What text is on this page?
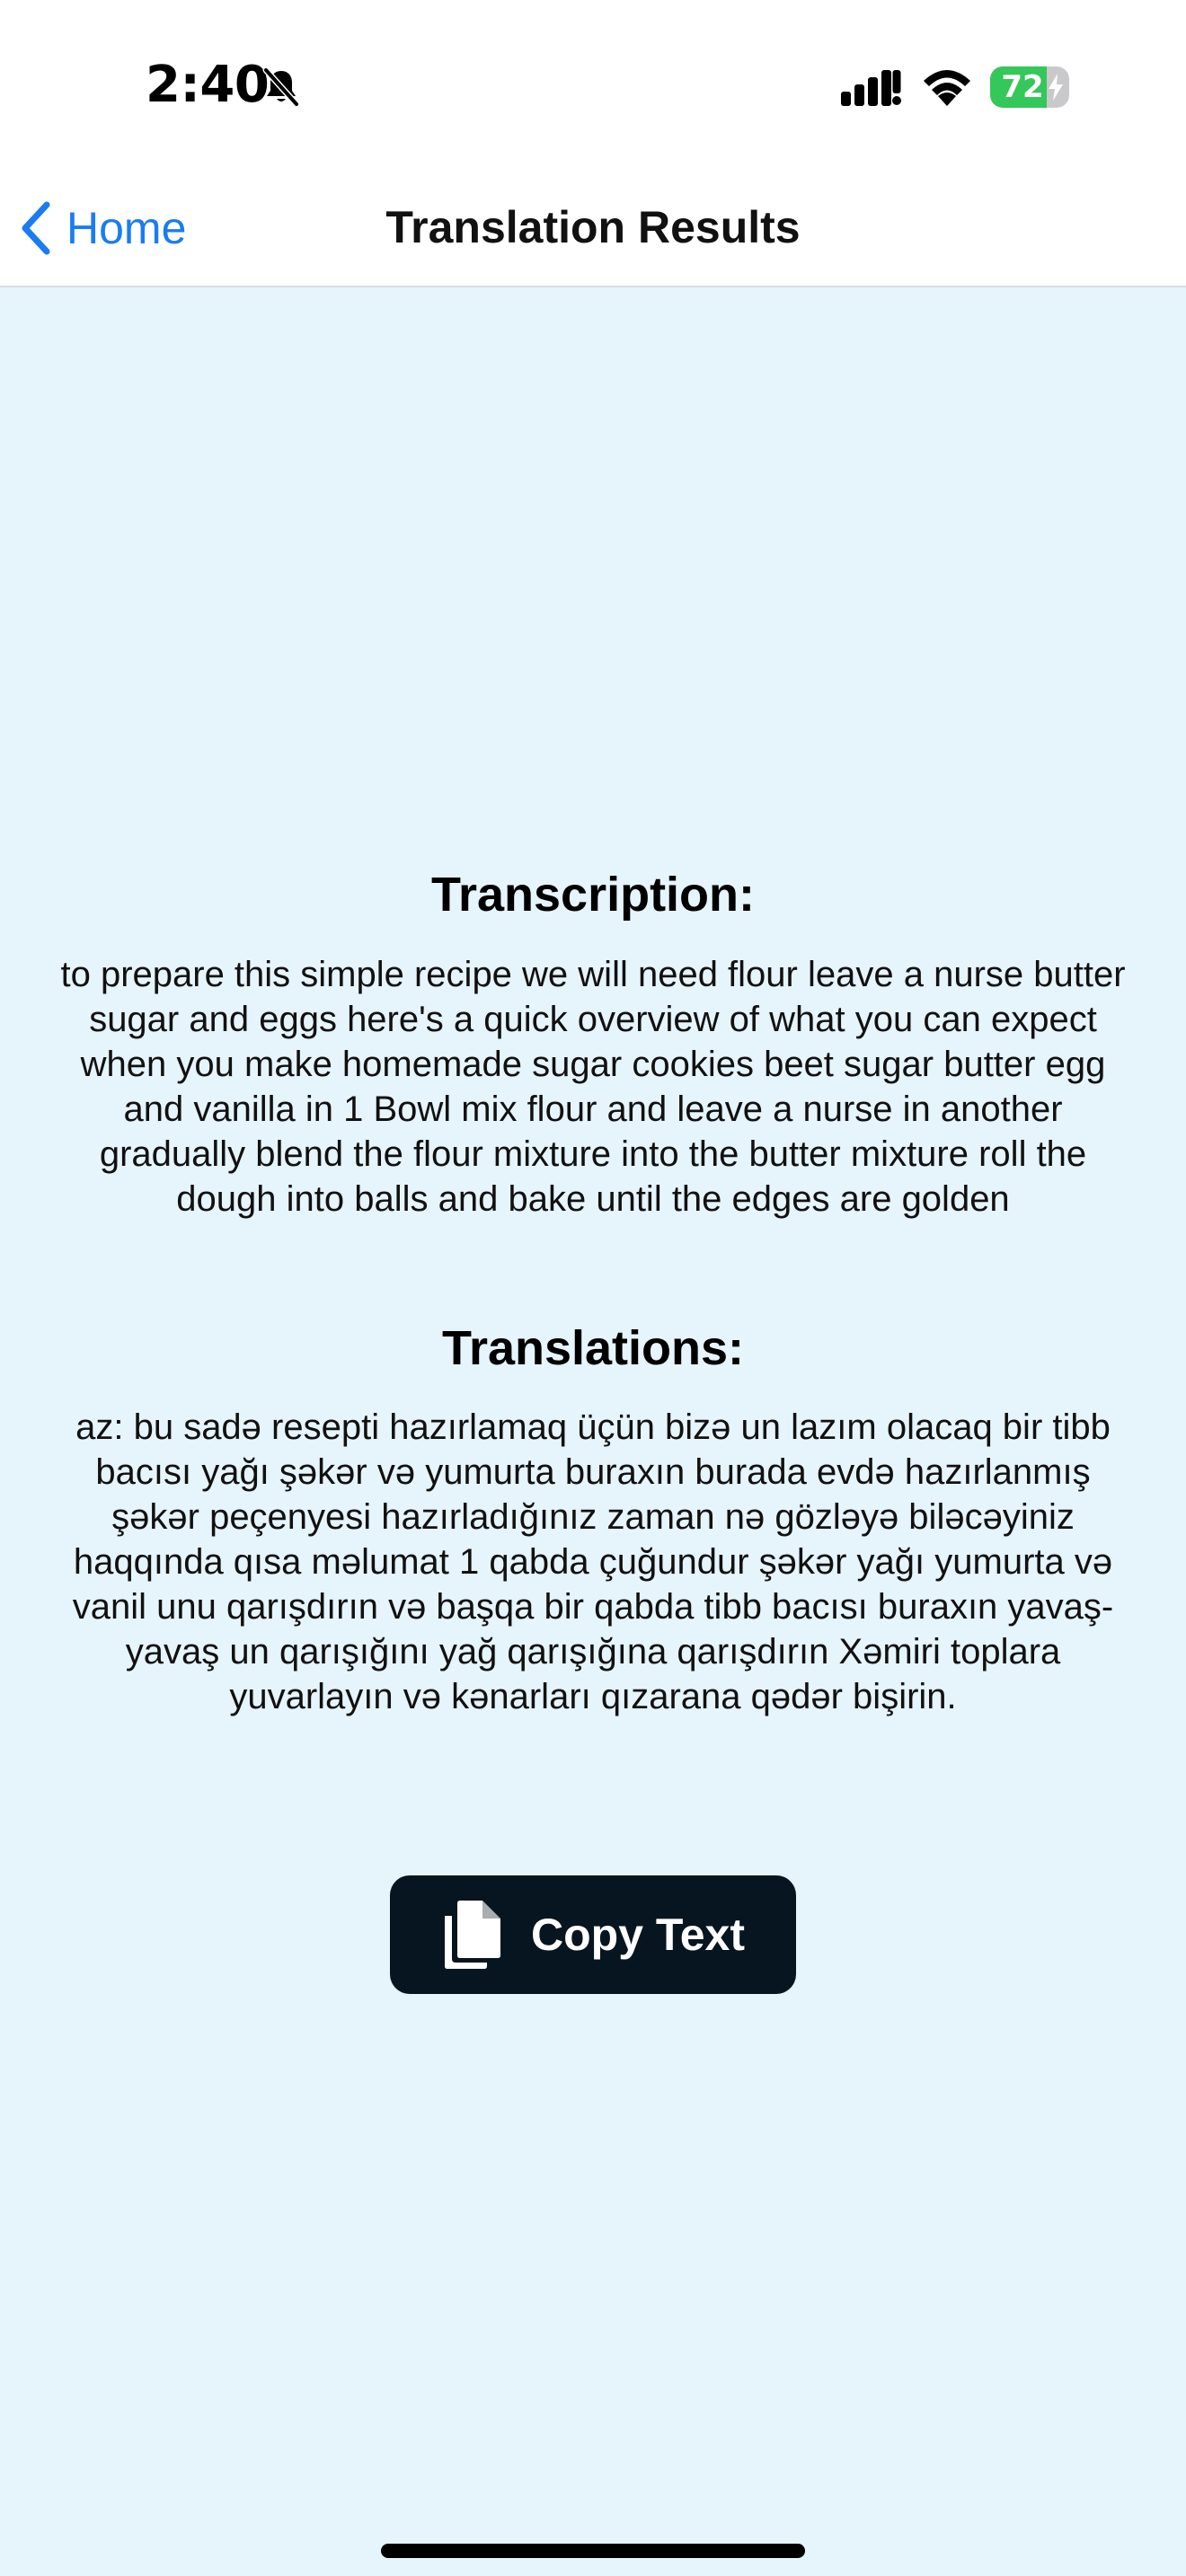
2:40	72
Translation Results
Home
Transcription:
to prepare this simple recipe we will need flour leave a nurse butter sugar and eggs here's a quick overview of what you can expect when you make homemade sugar cookies beet sugar butter egg and vanilla in 1 Bowl mix flour and leave a nurse in another gradually blend the flour mixture into the butter mixture roll the dough into balls and bake until the edges are golden
Translations:
az: bu sadə resepti hazırlamaq üçün bizə un lazım olacaq bir tibb bacısı yağı şəkər və yumurta buraxın burada evdə hazırlanmış şəkər peçenyesi hazırladığınız zaman nə gözləyə biləcəyiniz haqqında qısa məlumat 1 qabda çuğundur şəkər yağı yumurta və vanil unu qarışdırın və başqa bir qabda tibb bacısı buraxın yavaş-yavaş un qarışığını yağ qarışığına qarışdırın Xəmiri toplara yuvarlayın və kənarları qızarana qədər bişirin.
Copy Text
